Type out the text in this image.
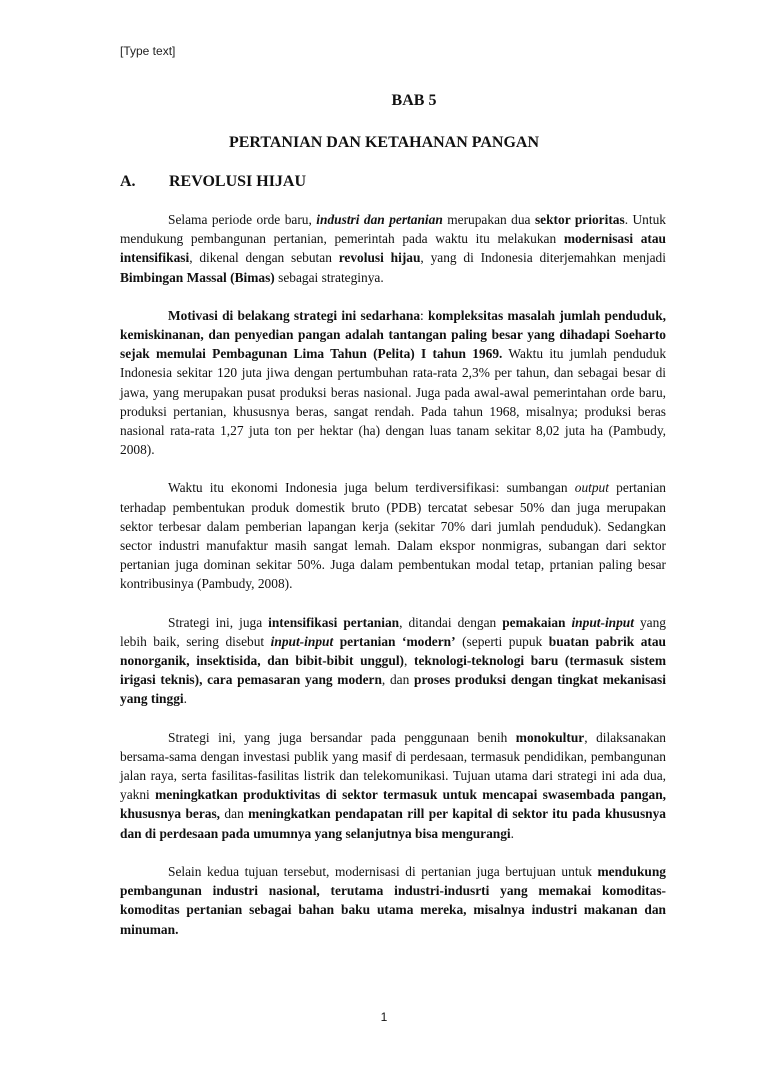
[Type text]
BAB 5
PERTANIAN DAN KETAHANAN PANGAN
A. REVOLUSI HIJAU

Selama periode orde baru, industri dan pertanian merupakan dua sektor prioritas. Untuk mendukung pembangunan pertanian, pemerintah pada waktu itu melakukan modernisasi atau intensifikasi, dikenal dengan sebutan revolusi hijau, yang di Indonesia diterjemahkan menjadi Bimbingan Massal (Bimas) sebagai strateginya.

Motivasi di belakang strategi ini sedarhana: kompleksitas masalah jumlah penduduk, kemiskinanan, dan penyedian pangan adalah tantangan paling besar yang dihadapi Soeharto sejak memulai Pembagunan Lima Tahun (Pelita) I tahun 1969. Waktu itu jumlah penduduk Indonesia sekitar 120 juta jiwa dengan pertumbuhan rata-rata 2,3% per tahun, dan sebagai besar di jawa, yang merupakan pusat produksi beras nasional. Juga pada awal-awal pemerintahan orde baru, produksi pertanian, khususnya beras, sangat rendah. Pada tahun 1968, misalnya; produksi beras nasional rata-rata 1,27 juta ton per hektar (ha) dengan luas tanam sekitar 8,02 juta ha (Pambudy, 2008).

Waktu itu ekonomi Indonesia juga belum terdiversifikasi: sumbangan output pertanian terhadap pembentukan produk domestik bruto (PDB) tercatat sebesar 50% dan juga merupakan sektor terbesar dalam pemberian lapangan kerja (sekitar 70% dari jumlah penduduk). Sedangkan sector industri manufaktur masih sangat lemah. Dalam ekspor nonmigras, subangan dari sektor pertanian juga dominan sekitar 50%. Juga dalam pembentukan modal tetap, prtanian paling besar kontribusinya (Pambudy, 2008).

Strategi ini, juga intensifikasi pertanian, ditandai dengan pemakaian input-input yang lebih baik, sering disebut input-input pertanian ‘modern’ (seperti pupuk buatan pabrik atau nonorganik, insektisida, dan bibit-bibit unggul), teknologi-teknologi baru (termasuk sistem irigasi teknis), cara pemasaran yang modern, dan proses produksi dengan tingkat mekanisasi yang tinggi.

Strategi ini, yang juga bersandar pada penggunaan benih monokultur, dilaksanakan bersama-sama dengan investasi publik yang masif di perdesaan, termasuk pendidikan, pembangunan jalan raya, serta fasilitas-fasilitas listrik dan telekomunikasi. Tujuan utama dari strategi ini ada dua, yakni meningkatkan produktivitas di sektor termasuk untuk mencapai swasembada pangan, khususnya beras, dan meningkatkan pendapatan rill per kapital di sektor itu pada khususnya dan di perdesaan pada umumnya yang selanjutnya bisa mengurangi.

Selain kedua tujuan tersebut, modernisasi di pertanian juga bertujuan untuk mendukung pembangunan industri nasional, terutama industri-indusrti yang memakai komoditas-komoditas pertanian sebagai bahan baku utama mereka, misalnya industri makanan dan minuman.

1
